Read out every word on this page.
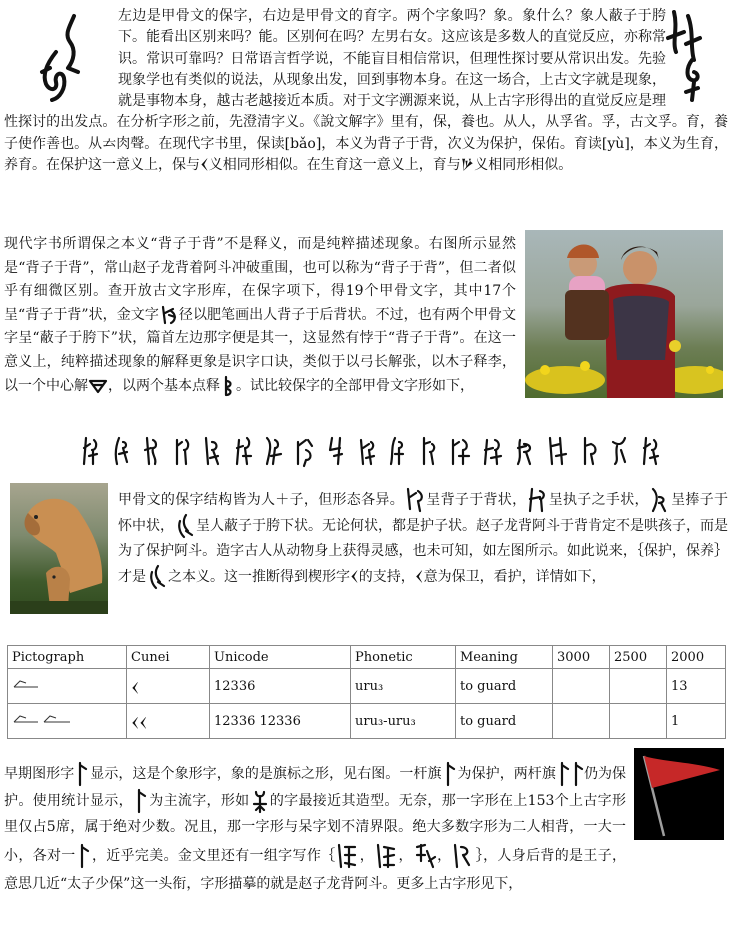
左边是甲骨文的保字，右边是甲骨文的育字。两个字象吗？象。象什么？象人蔽子于胯下。能看出区别来吗？能。区别何在吗？左男右女。这应该是多数人的直觉反应，亦称常识。常识可靠吗？日常语言哲学说，不能盲目相信常识，但理性探讨要从常识出发。先验现象学也有类似的说法，从现象出发，回到事物本身。在这一场合，上古文字就是现象，就是事物本身，越古老越接近本质。对于文字溯源来说，从上古字形得出的直觉反应是理性探讨的出发点。在分析字形之前，先澄清字义。《說文解字》里有，保，養也。从人，从孚省。孚，古文孚。育，養子使作善也。从𠫓肉聲。在现代字书里，保读[bǎo]，本义为背子于背，次义为保护，保佑。育读[yù]，本义为生育，养育。在保护这一意义上，保与𒌋义相同形相似。在生育这一意义上，育与𒃻义相同形相似。

现代字书所谓保之本义“背子于背”不是释义，而是纯粹描述现象。右图所示显然是“背子于背”，常山赵子龙背着阿斗冲破重围，也可以称为“背子于背”，但二者似乎有细微区别。查开放古文字形库，在保字项下，得19个甲骨文字，其中17个呈“背子于背”状，金文字 径以肥笔画出人背子于后背状。不过，也有两个甲骨文字呈“蔽子于胯下”状，篇首左边那字便是其一，这显然有悖于“背子于背”。在这一意义上，纯粹描述现象的解释更象是识字口诀，类似于以弓长解张，以木子释李，以一个中心解 ，以两个基本点释 。试比较保字的全部甲骨文字形如下，

甲骨文的保字结构皆为人＋子，但形态各异。 呈背子于背状， 呈执子之手状， 呈捧子于怀中状， 呈人蔽子于胯下状。无论何状，都是护子状。赵子龙背阿斗于背肯定不是哄孩子，而是为了保护阿斗。造字古人从动物身上获得灵感，也未可知，如左图所示。如此说来，｛保护，保养｝才是 之本义。这一推断得到楔形字𒌋的支持，𒌋意为保卫，看护，详情如下，

Pictograph	Cunei	Unicode	Phonetic	Meaning	3000	2500	2000
	𒌋	12336	uru₃	to guard			13
	𒌋𒌋	12336 12336	uru₃-uru₃	to guard			1

早期图形字 显示，这是个象形字，象的是旗标之形，见右图。一杆旗 为保护，两杆旗 仍为保护。使用统计显示， 为主流字，形如 的字最接近其造型。无奈，那一字形在上153个上古字形里仅占5席，属于绝对少数。况且，那一字形与呆字划不清界限。绝大多数字形为二人相背，一大一小，各对一 ，近乎完美。金文里还有一组字写作｛ ， ， ， ｝，人身后背的是王子，意思几近“太子少保”这一头衔，字形描摹的就是赵子龙背阿斗。更多上古字形见下，
